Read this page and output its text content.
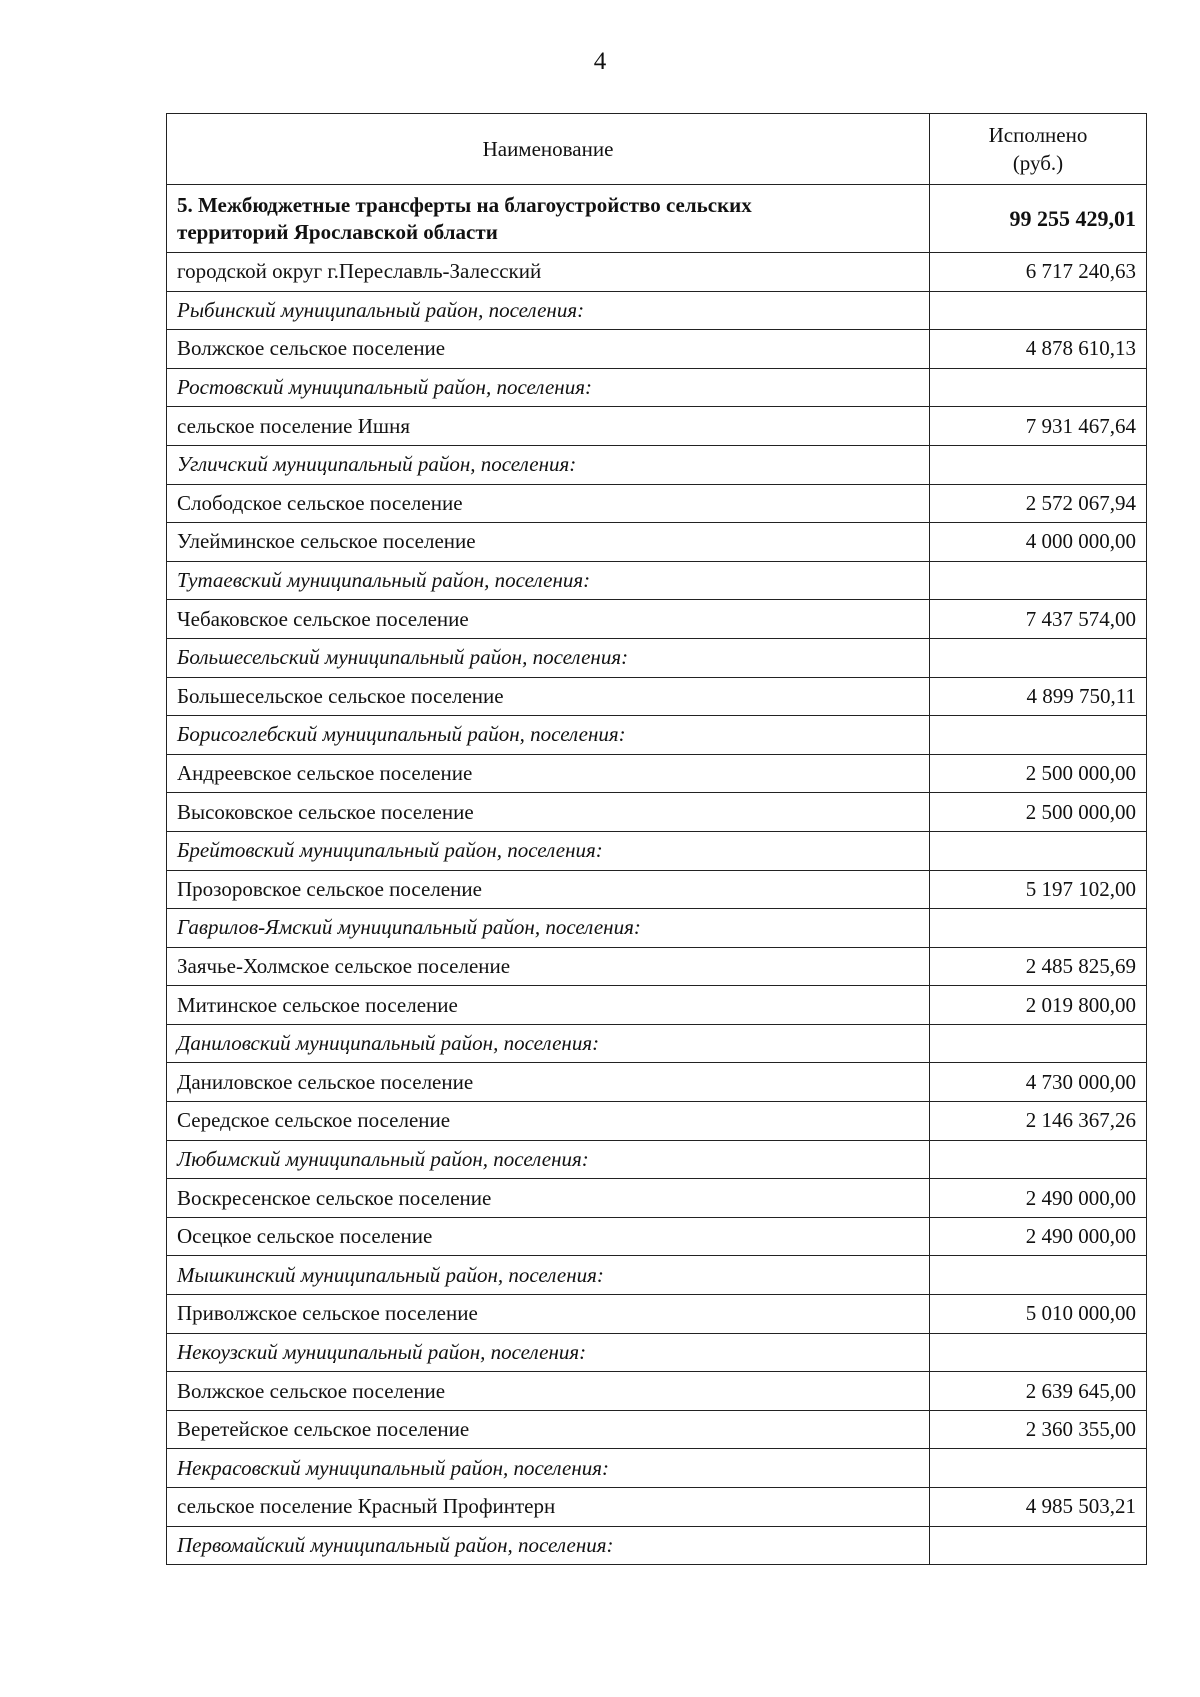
4
Наименование	Исполнено
(руб.)
5. Межбюджетные трансферты на благоустройство сельских
территорий Ярославской области	99 255 429,01
городской округ г.Переславль-Залесский	6 717 240,63
Рыбинский муниципальный район, поселения:	
Волжское сельское поселение	4 878 610,13
Ростовский муниципальный район, поселения:	
сельское поселение Ишня	7 931 467,64
Угличский муниципальный район, поселения:	
Слободское сельское поселение	2 572 067,94
Улейминское сельское поселение	4 000 000,00
Тутаевский муниципальный район, поселения:	
Чебаковское сельское поселение	7 437 574,00
Большесельский муниципальный район, поселения:	
Большесельское сельское поселение	4 899 750,11
Борисоглебский муниципальный район, поселения:	
Андреевское сельское поселение	2 500 000,00
Высоковское сельское поселение	2 500 000,00
Брейтовский муниципальный район, поселения:	
Прозоровское сельское поселение	5 197 102,00
Гаврилов-Ямский муниципальный район, поселения:	
Заячье-Холмское сельское поселение	2 485 825,69
Митинское сельское поселение	2 019 800,00
Даниловский муниципальный район, поселения:	
Даниловское сельское поселение	4 730 000,00
Середское сельское поселение	2 146 367,26
Любимский муниципальный район, поселения:	
Воскресенское сельское поселение	2 490 000,00
Осецкое сельское поселение	2 490 000,00
Мышкинский муниципальный район, поселения:	
Приволжское сельское поселение	5 010 000,00
Некоузский муниципальный район, поселения:	
Волжское сельское поселение	2 639 645,00
Веретейское сельское поселение	2 360 355,00
Некрасовский муниципальный район, поселения:	
сельское поселение Красный Профинтерн	4 985 503,21
Первомайский муниципальный район, поселения:	
